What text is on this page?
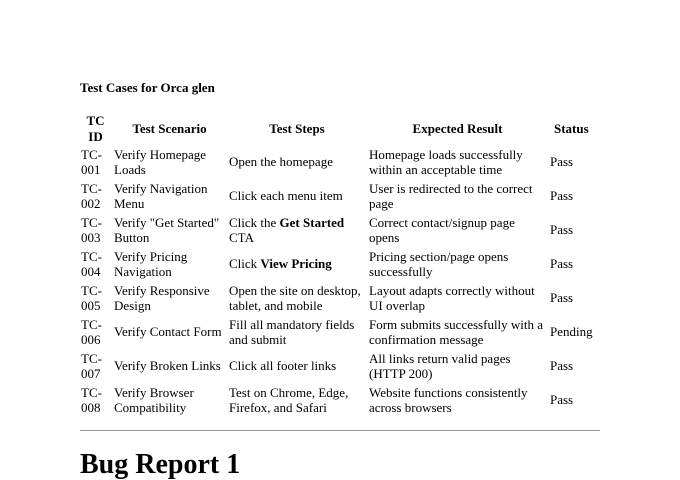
Test Cases for Orca glen
TC ID	Test Scenario	Test Steps	Expected Result	Status
TC-001	Verify Homepage Loads	Open the homepage	Homepage loads successfully within an acceptable time	Pass
TC-002	Verify Navigation Menu	Click each menu item	User is redirected to the correct page	Pass
TC-003	Verify "Get Started" Button	Click the Get Started CTA	Correct contact/signup page opens	Pass
TC-004	Verify Pricing Navigation	Click View Pricing	Pricing section/page opens successfully	Pass
TC-005	Verify Responsive Design	Open the site on desktop, tablet, and mobile	Layout adapts correctly without UI overlap	Pass
TC-006	Verify Contact Form	Fill all mandatory fields and submit	Form submits successfully with a confirmation message	Pending
TC-007	Verify Broken Links	Click all footer links	All links return valid pages (HTTP 200)	Pass
TC-008	Verify Browser Compatibility	Test on Chrome, Edge, Firefox, and Safari	Website functions consistently across browsers	Pass
Bug Report 1
